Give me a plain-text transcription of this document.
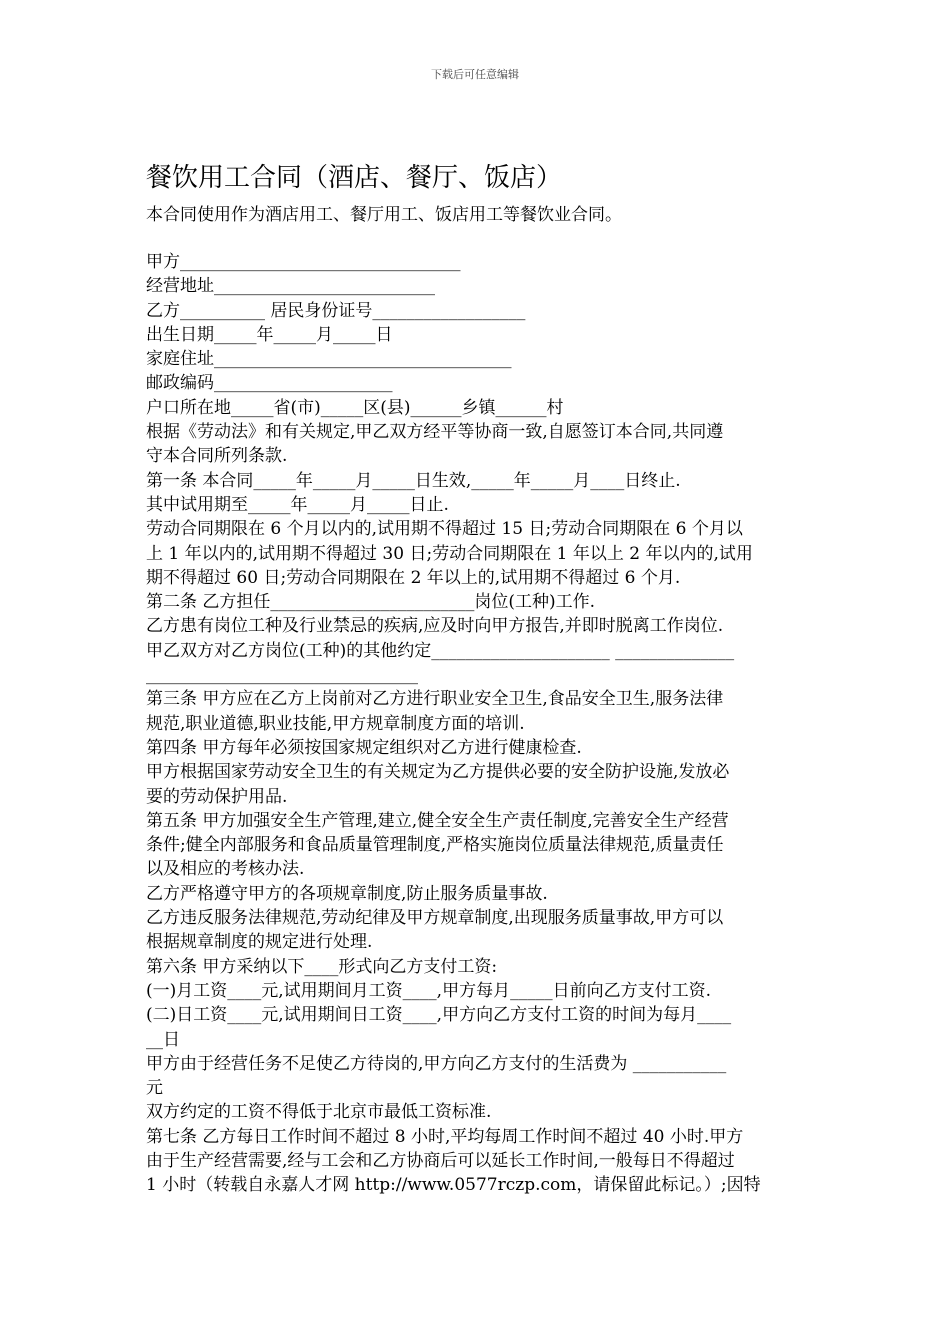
下载后可任意编辑
餐饮用工合同（酒店、餐厅、饭店）
本合同使用作为酒店用工、餐厅用工、饭店用工等餐饮业合同。
甲方_________________________________
经营地址__________________________
乙方__________ 居民身份证号__________________
出生日期_____年_____月_____日
家庭住址___________________________________
邮政编码_____________________
户口所在地_____省(市)_____区(县)______乡镇______村
根据《劳动法》和有关规定,甲乙双方经平等协商一致,自愿签订本合同,共同遵
守本合同所列条款.
第一条 本合同_____年_____月_____日生效,_____年_____月____日终止.
其中试用期至_____年_____月_____日止.
劳动合同期限在 6 个月以内的,试用期不得超过 15 日;劳动合同期限在 6 个月以
上 1 年以内的,试用期不得超过 30 日;劳动合同期限在 1 年以上 2 年以内的,试用
期不得超过 60 日;劳动合同期限在 2 年以上的,试用期不得超过 6 个月.
第二条 乙方担任________________________岗位(工种)工作.
乙方患有岗位工种及行业禁忌的疾病,应及时向甲方报告,并即时脱离工作岗位.
甲乙双方对乙方岗位(工种)的其他约定_____________________ ______________
________________________________
第三条 甲方应在乙方上岗前对乙方进行职业安全卫生,食品安全卫生,服务法律
规范,职业道德,职业技能,甲方规章制度方面的培训.
第四条 甲方每年必须按国家规定组织对乙方进行健康检查.
甲方根据国家劳动安全卫生的有关规定为乙方提供必要的安全防护设施,发放必
要的劳动保护用品.
第五条 甲方加强安全生产管理,建立,健全安全生产责任制度,完善安全生产经营
条件;健全内部服务和食品质量管理制度,严格实施岗位质量法律规范,质量责任
以及相应的考核办法.
乙方严格遵守甲方的各项规章制度,防止服务质量事故.
乙方违反服务法律规范,劳动纪律及甲方规章制度,出现服务质量事故,甲方可以
根据规章制度的规定进行处理.
第六条 甲方采纳以下____形式向乙方支付工资:
(一)月工资____元,试用期间月工资____,甲方每月_____日前向乙方支付工资.
(二)日工资____元,试用期间日工资____,甲方向乙方支付工资的时间为每月____
__日
甲方由于经营任务不足使乙方待岗的,甲方向乙方支付的生活费为 ___________
元
双方约定的工资不得低于北京市最低工资标准.
第七条 乙方每日工作时间不超过 8 小时,平均每周工作时间不超过 40 小时.甲方
由于生产经营需要,经与工会和乙方协商后可以延长工作时间,一般每日不得超过
1 小时（转载自永嘉人才网 http://www.0577rczp.com，请保留此标记。）;因特
